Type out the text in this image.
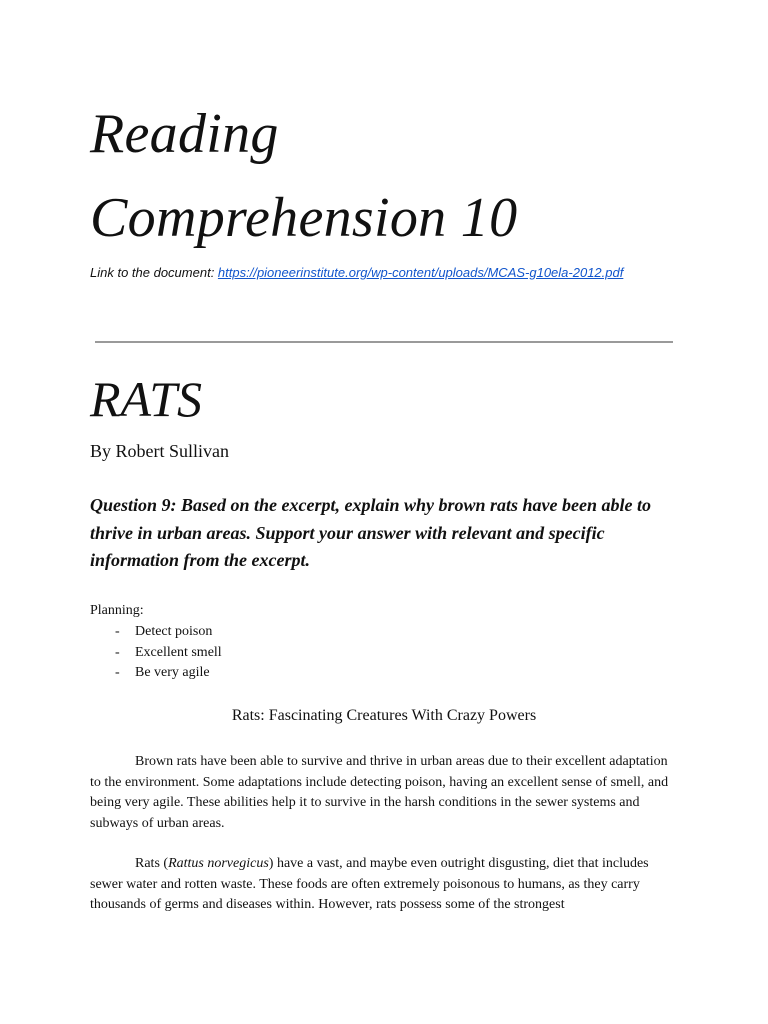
Reading
Comprehension 10
Link to the document: https://pioneerinstitute.org/wp-content/uploads/MCAS-g10ela-2012.pdf
RATS
By Robert Sullivan

Question 9: Based on the excerpt, explain why brown rats have been able to thrive in urban areas. Support your answer with relevant and specific information from the excerpt.

Planning:
- Detect poison
- Excellent smell
- Be very agile
Rats: Fascinating Creatures With Crazy Powers

Brown rats have been able to survive and thrive in urban areas due to their excellent adaptation to the environment. Some adaptations include detecting poison, having an excellent sense of smell, and being very agile. These abilities help it to survive in the harsh conditions in the sewer systems and subways of urban areas.

Rats (Rattus norvegicus) have a vast, and maybe even outright disgusting, diet that includes sewer water and rotten waste. These foods are often extremely poisonous to humans, as they carry thousands of germs and diseases within. However, rats possess some of the strongest
